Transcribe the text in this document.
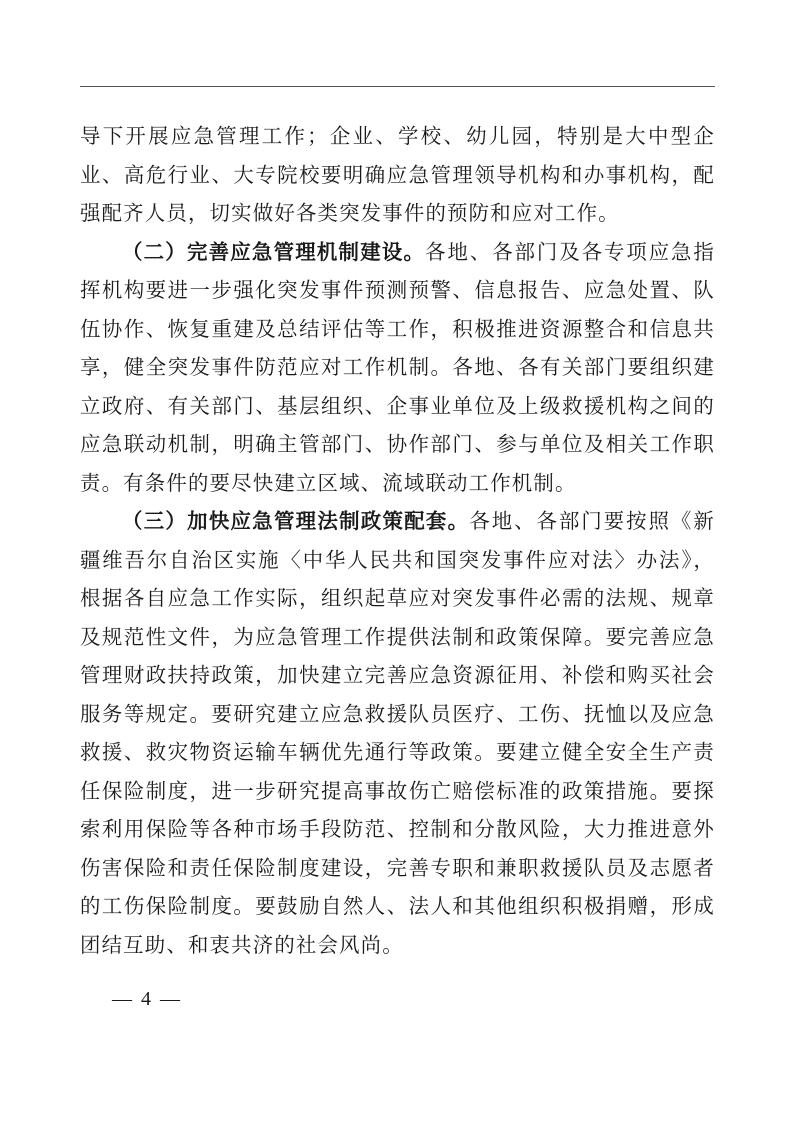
导下开展应急管理工作；企业、学校、幼儿园，特别是大中型企业、高危行业、大专院校要明确应急管理领导机构和办事机构，配强配齐人员，切实做好各类突发事件的预防和应对工作。

（二）完善应急管理机制建设。各地、各部门及各专项应急指挥机构要进一步强化突发事件预测预警、信息报告、应急处置、队伍协作、恢复重建及总结评估等工作，积极推进资源整合和信息共享，健全突发事件防范应对工作机制。各地、各有关部门要组织建立政府、有关部门、基层组织、企事业单位及上级救援机构之间的应急联动机制，明确主管部门、协作部门、参与单位及相关工作职责。有条件的要尽快建立区域、流域联动工作机制。

（三）加快应急管理法制政策配套。各地、各部门要按照《新疆维吾尔自治区实施〈中华人民共和国突发事件应对法〉办法》，根据各自应急工作实际，组织起草应对突发事件必需的法规、规章及规范性文件，为应急管理工作提供法制和政策保障。要完善应急管理财政扶持政策，加快建立完善应急资源征用、补偿和购买社会服务等规定。要研究建立应急救援队员医疗、工伤、抚恤以及应急救援、救灾物资运输车辆优先通行等政策。要建立健全安全生产责任保险制度，进一步研究提高事故伤亡赔偿标准的政策措施。要探索利用保险等各种市场手段防范、控制和分散风险，大力推进意外伤害保险和责任保险制度建设，完善专职和兼职救援队员及志愿者的工伤保险制度。要鼓励自然人、法人和其他组织积极捐赠，形成团结互助、和衷共济的社会风尚。

— 4 —
